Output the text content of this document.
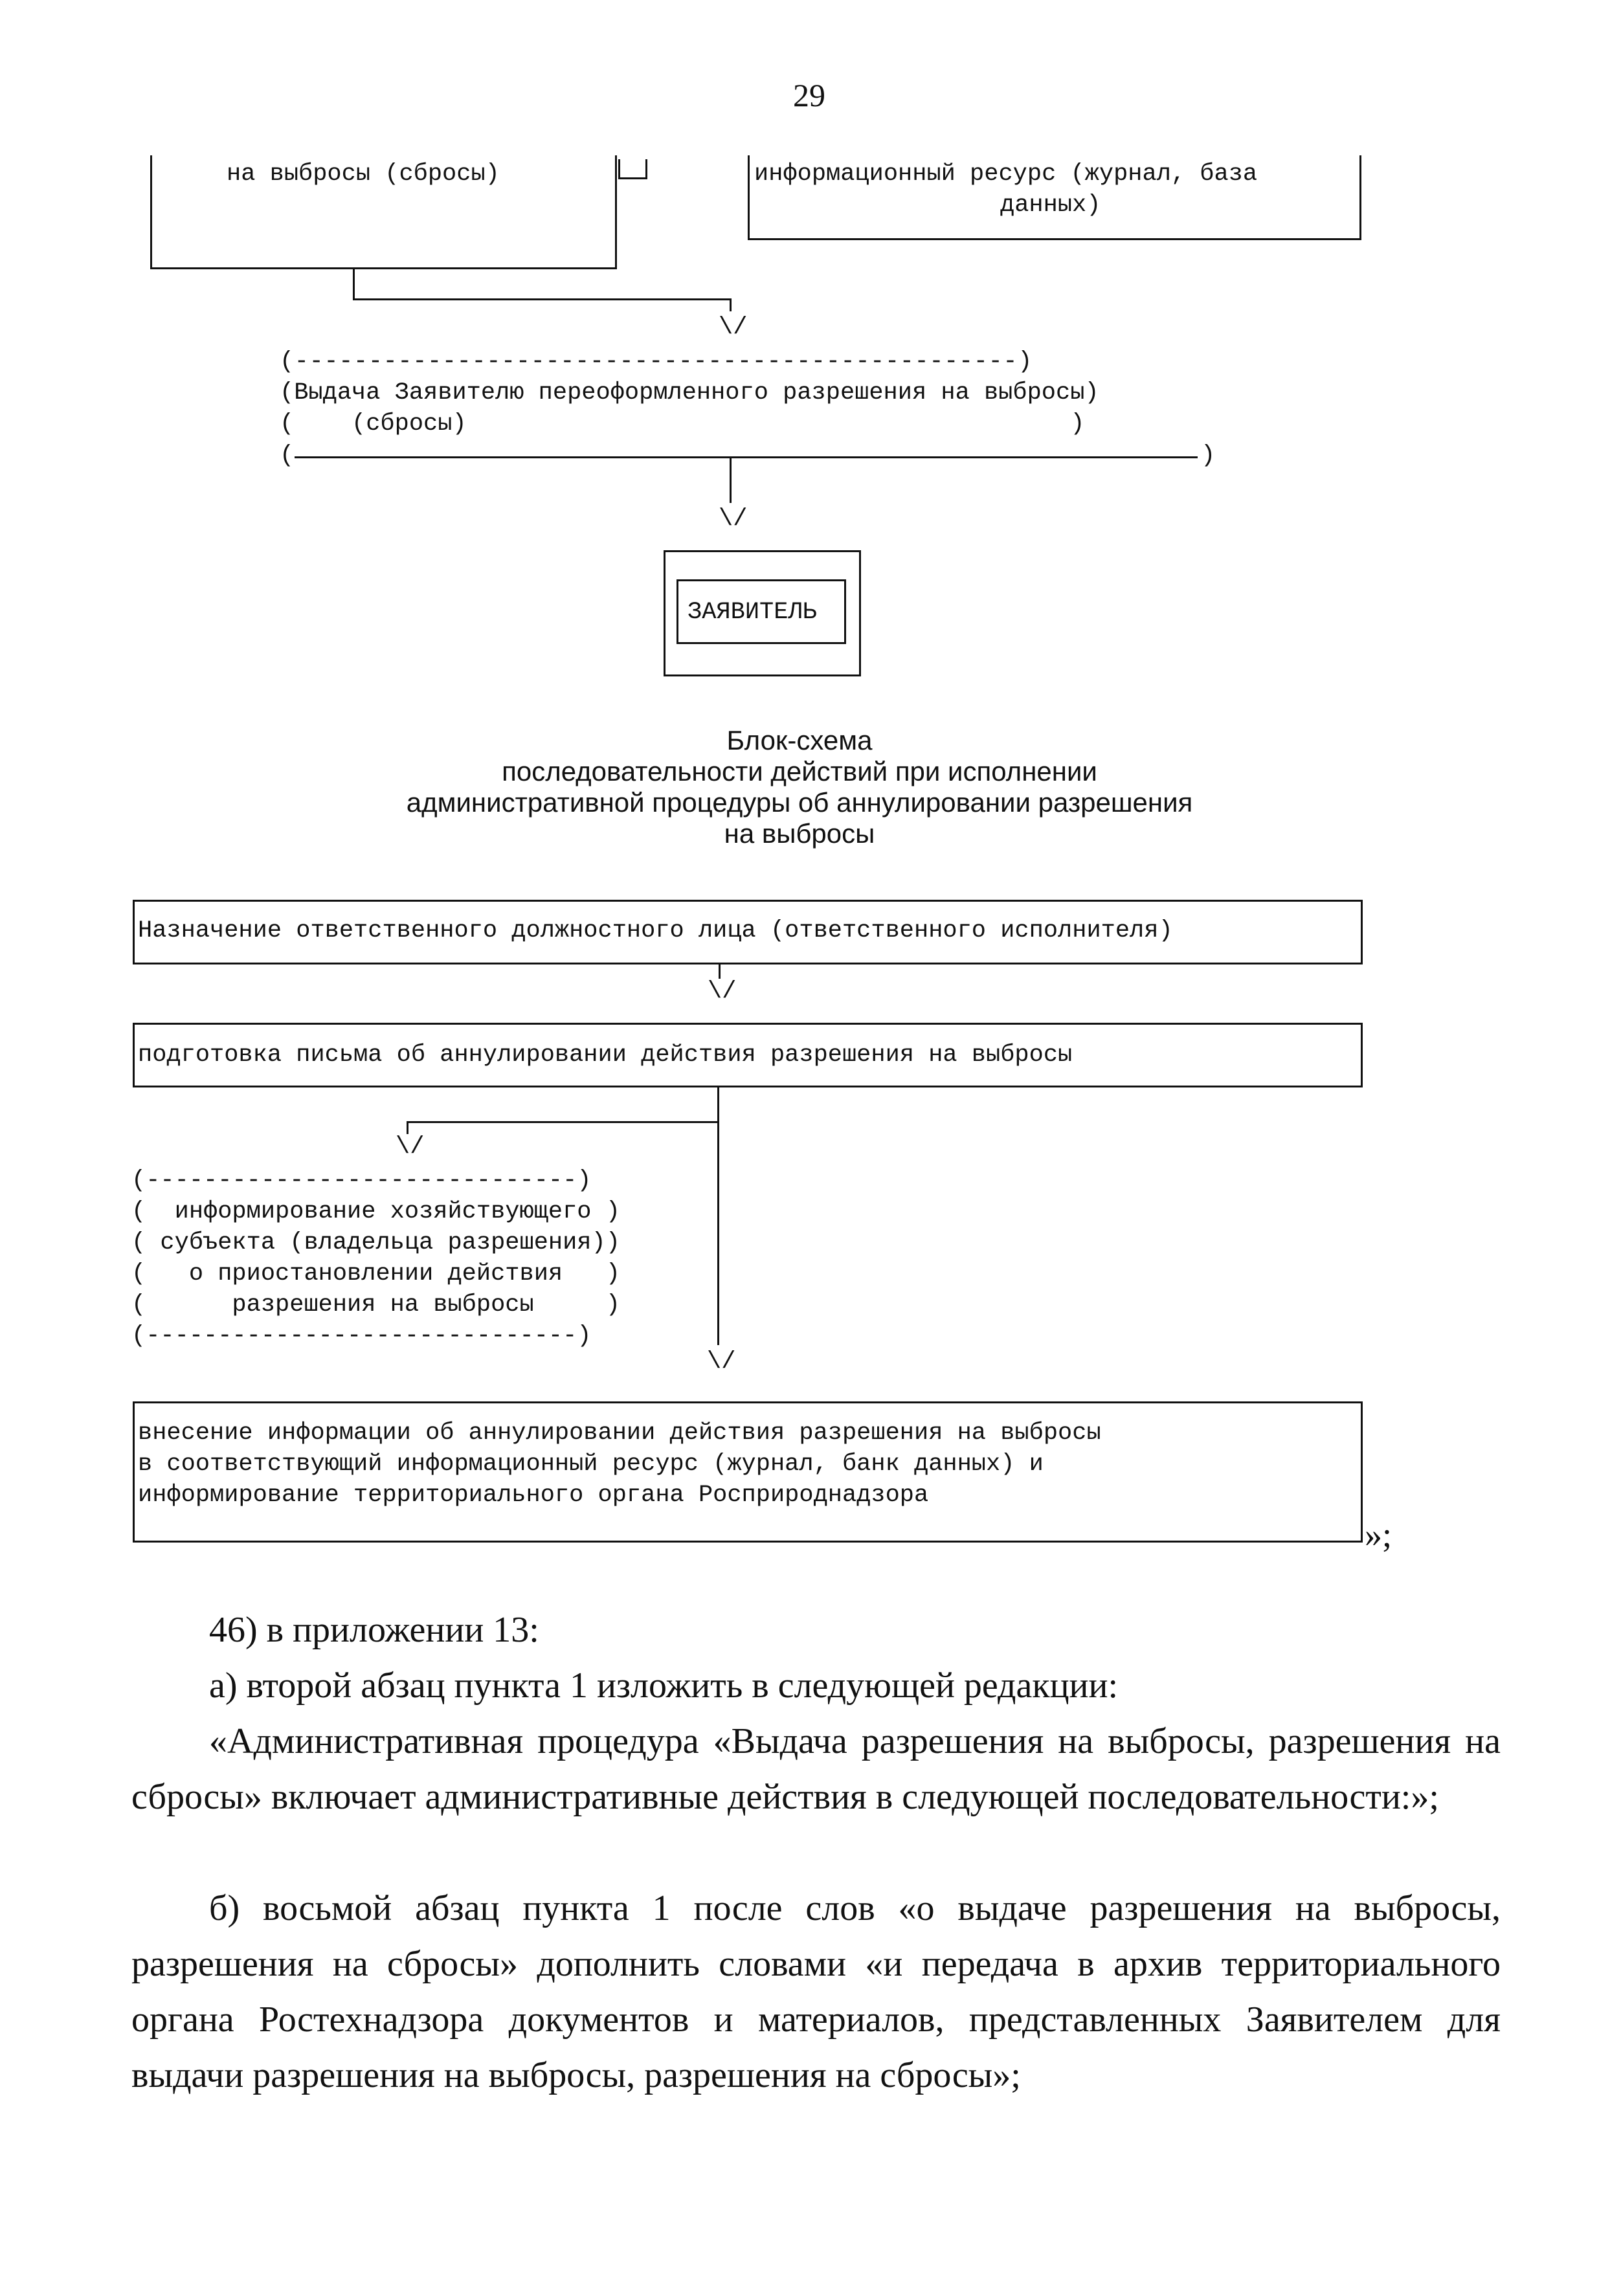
29
на выбросы (сбросы)	информационный ресурс (журнал, база
данных)
\/
(-------------------------------------------------)
(Выдача Заявителю переоформленного разрешения на выбросы)
(    (сбросы)                                          )
(	)
\/
ЗАЯВИТЕЛЬ
Блок-схема
последовательности действий при исполнении
административной процедуры об аннулировании разрешения
на выбросы
Назначение ответственного должностного лица (ответственного исполнителя)
\/
подготовка письма об аннулировании действия разрешения на выбросы
\/
\/
(------------------------------)
(  информирование хозяйствующего )
( субъекта (владельца разрешения))
(   о приостановлении действия   )
(      разрешения на выбросы     )
(------------------------------)
внесение информации об аннулировании действия разрешения на выбросы
в соответствующий информационный ресурс (журнал, банк данных) и
информирование территориального органа Росприроднадзора
»;
46) в приложении 13:
а) второй абзац пункта 1 изложить в следующей редакции:
«Административная процедура «Выдача разрешения на выбросы, разрешения на сбросы» включает административные действия в следующей последовательности:»;
б) восьмой абзац пункта 1 после слов «о выдаче разрешения на выбросы, разрешения на сбросы» дополнить словами «и передача в архив территориального органа Ростехнадзора документов и материалов, представленных Заявителем для выдачи разрешения на выбросы, разрешения на сбросы»;
